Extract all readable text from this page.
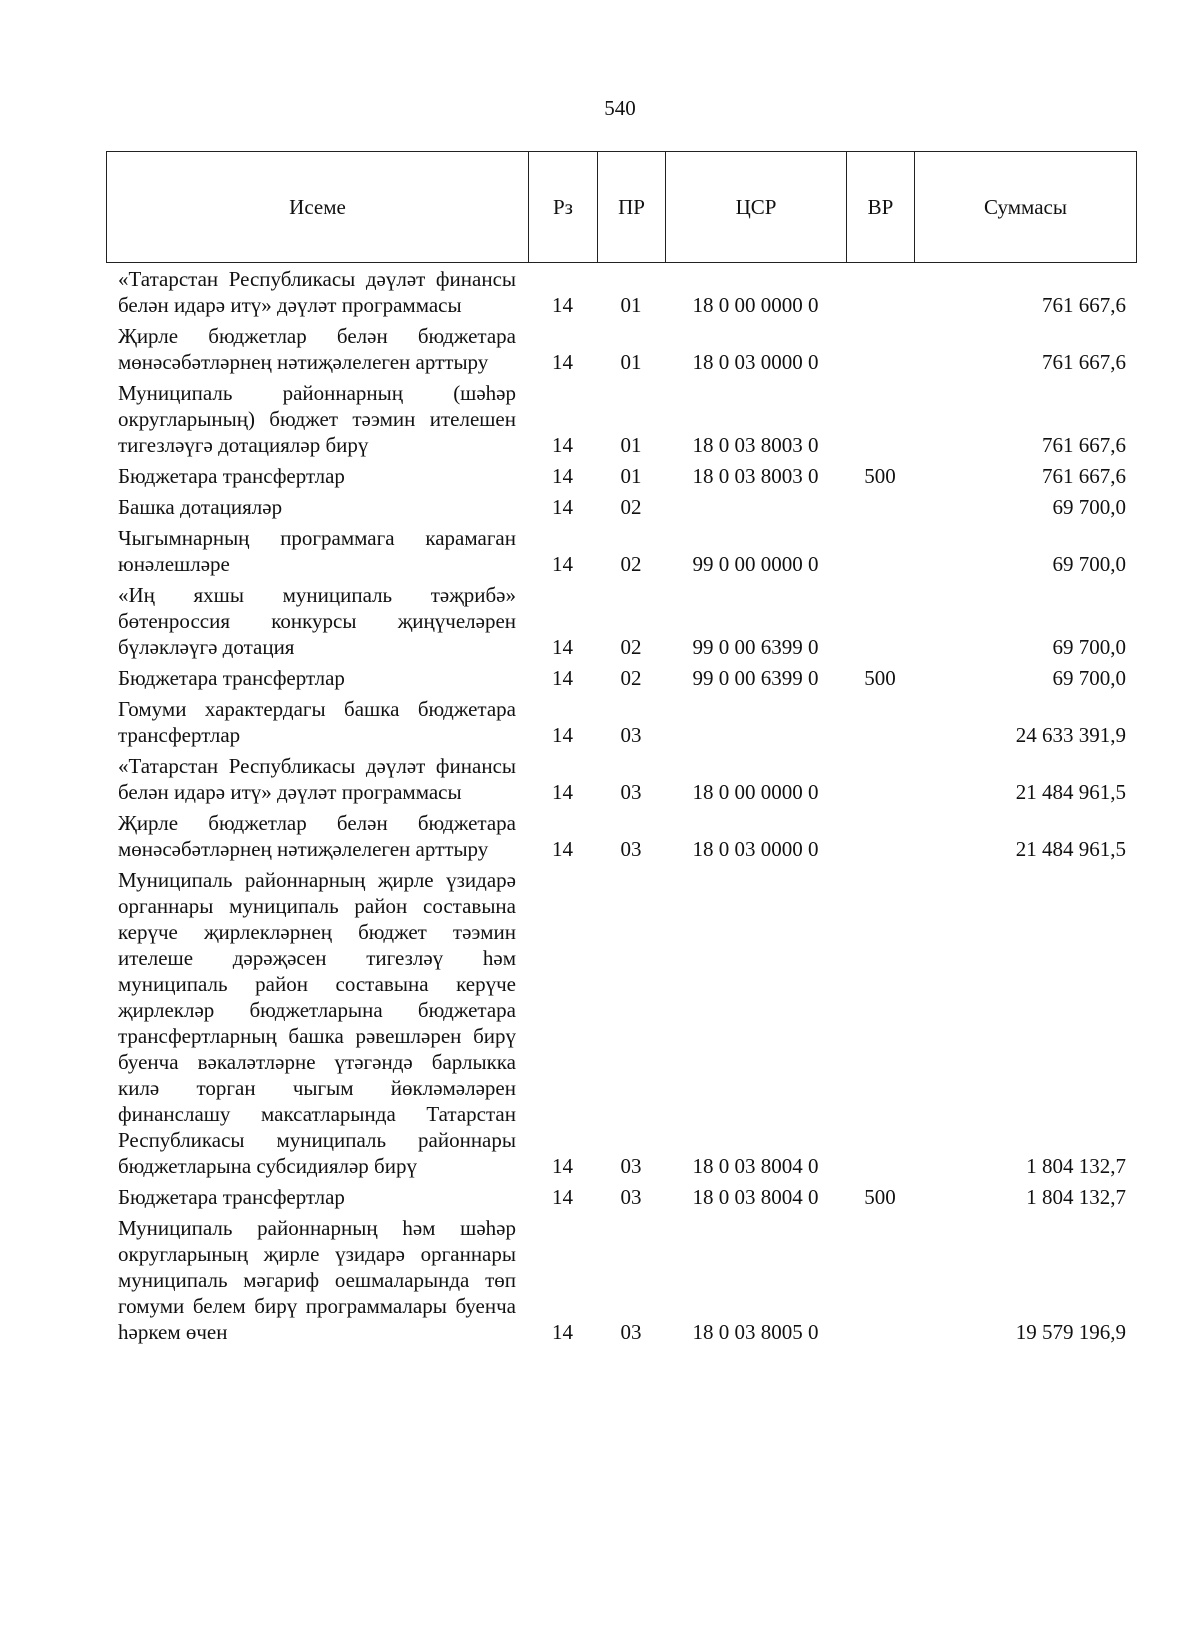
540
Исеме	Рз	ПР	ЦСР	ВР	Суммасы
«Татарстан Республикасы дәүләт финансы белән идарә итү» дәүләт программасы	14	01	18 0 00 0000 0		761 667,6
Җирле бюджетлар белән бюджетара мөнәсәбәтләрнең нәтиҗәлелеген арттыру	14	01	18 0 03 0000 0		761 667,6
Муниципаль районнарның (шәһәр округларының) бюджет тәэмин ителешен тигезләүгә дотацияләр бирү	14	01	18 0 03 8003 0		761 667,6
Бюджетара трансфертлар	14	01	18 0 03 8003 0	500	761 667,6
Башка дотацияләр	14	02			69 700,0
Чыгымнарның программага карамаган юнәлешләре	14	02	99 0 00 0000 0		69 700,0
«Иң яхшы муниципаль тәҗрибә» бөтенроссия конкурсы җиңүчеләрен бүләкләүгә дотация	14	02	99 0 00 6399 0		69 700,0
Бюджетара трансфертлар	14	02	99 0 00 6399 0	500	69 700,0
Гомуми характердагы башка бюджетара трансфертлар	14	03			24 633 391,9
«Татарстан Республикасы дәүләт финансы белән идарә итү» дәүләт программасы	14	03	18 0 00 0000 0		21 484 961,5
Җирле бюджетлар белән бюджетара мөнәсәбәтләрнең нәтиҗәлелеген арттыру	14	03	18 0 03 0000 0		21 484 961,5
Муниципаль районнарның җирле үзидарә органнары муниципаль район составына керүче җирлекләрнең бюджет тәэмин ителеше дәрәҗәсен тигезләү һәм муниципаль район составына керүче җирлекләр бюджетларына бюджетара трансфертларның башка рәвешләрен бирү буенча вәкаләтләрне үтәгәндә барлыкка килә торган чыгым йөкләмәләрен финанслашу максатларында Татарстан Республикасы муниципаль районнары бюджетларына субсидияләр бирү	14	03	18 0 03 8004 0		1 804 132,7
Бюджетара трансфертлар	14	03	18 0 03 8004 0	500	1 804 132,7
Муниципаль районнарның һәм шәһәр округларының җирле үзидарә органнары муниципаль мәгариф оешмаларында төп гомуми белем бирү программалары буенча һәркем өчен	14	03	18 0 03 8005 0		19 579 196,9
